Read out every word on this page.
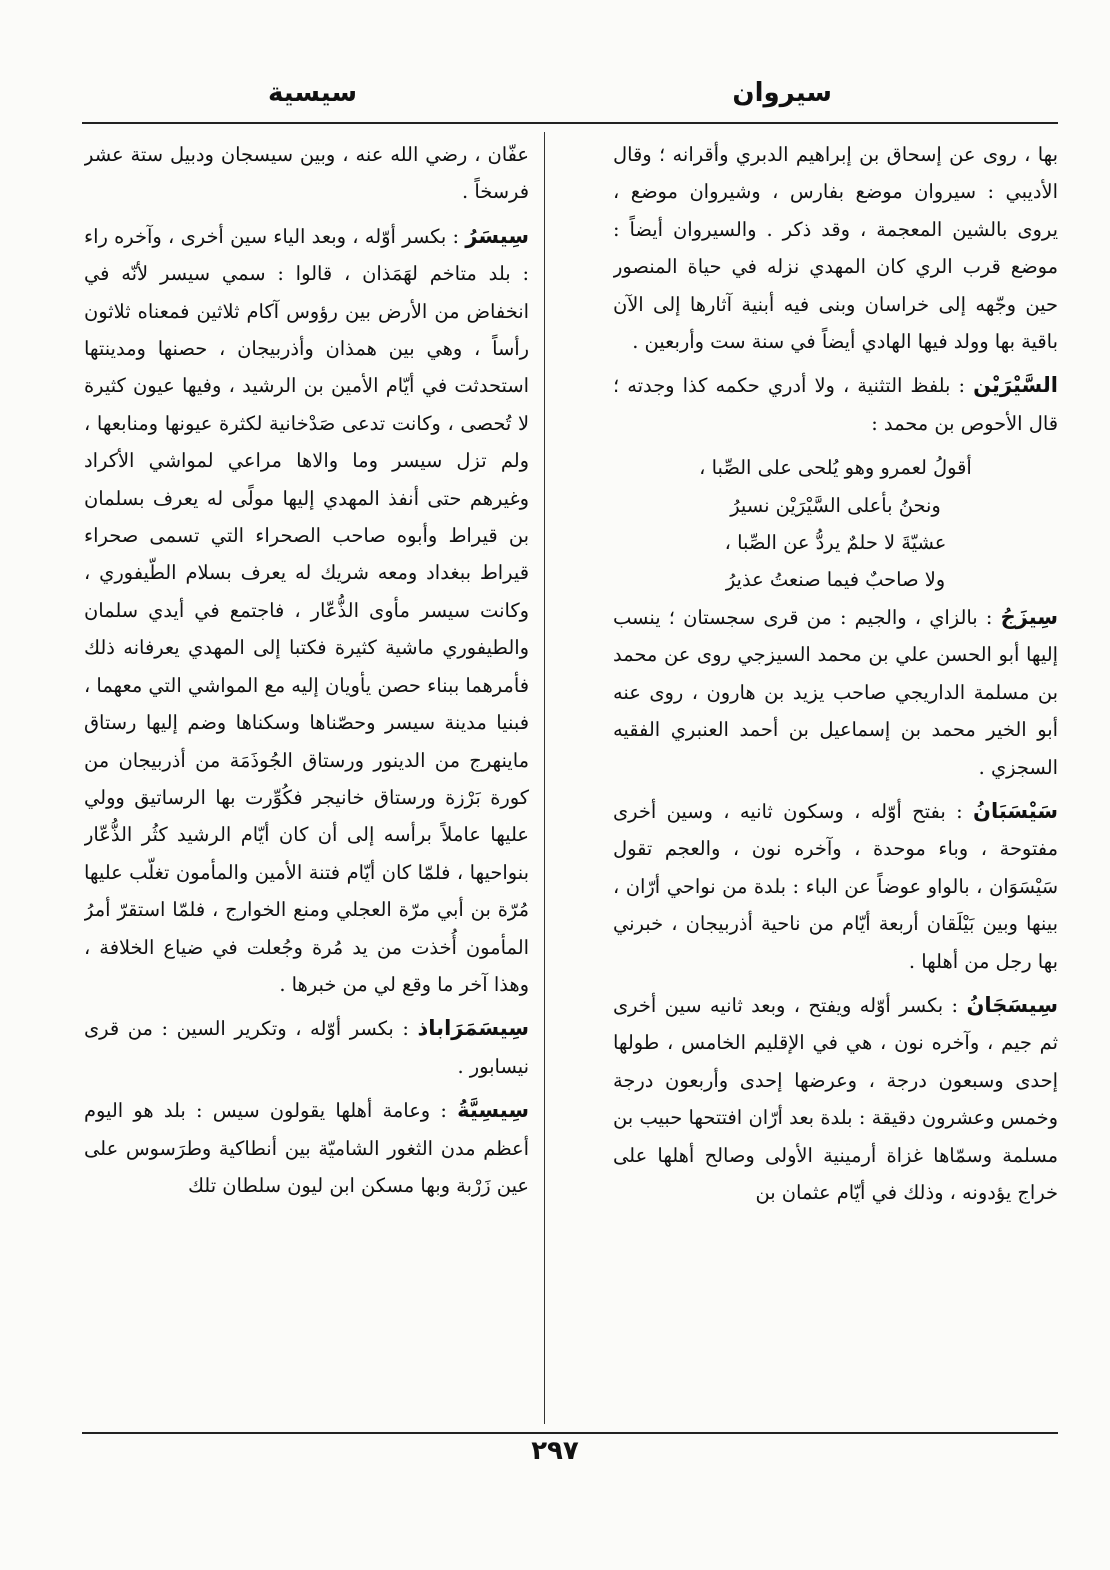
سيروان
سيسية

بها ، روى عن إسحاق بن إبراهيم الدبري وأقرانه ؛ وقال الأديبي : سيروان موضع بفارس ، وشيروان موضع ، يروى بالشين المعجمة ، وقد ذكر . والسيروان أيضاً : موضع قرب الري كان المهدي نزله في حياة المنصور حين وجّهه إلى خراسان وبنى فيه أبنية آثارها إلى الآن باقية بها وولد فيها الهادي أيضاً في سنة ست وأربعين .

السَّيْرَيْن : بلفظ التثنية ، ولا أدري حكمه كذا وجدته ؛ قال الأحوص بن محمد :

أقولُ لعمرو وهو يُلحى على الصِّبا ،
ونحنُ بأعلى السَّيْرَيْن نسيرُ
عشيّةَ لا حلمٌ يردُّ عن الصِّبا ،
ولا صاحبٌ فيما صنعتُ عذيرُ

سِيزَجُ : بالزاي ، والجيم : من قرى سجستان ؛ ينسب إليها أبو الحسن علي بن محمد السيزجي روى عن محمد بن مسلمة الداريجي صاحب يزيد بن هارون ، روى عنه أبو الخير محمد بن إسماعيل بن أحمد العنبري الفقيه السجزي .

سَيْسَبَانُ : بفتح أوّله ، وسكون ثانيه ، وسين أخرى مفتوحة ، وباء موحدة ، وآخره نون ، والعجم تقول سَيْسَوَان ، بالواو عوضاً عن الباء : بلدة من نواحي أرّان ، بينها وبين بَيْلَقان أربعة أيّام من ناحية أذربيجان ، خبرني بها رجل من أهلها .

سِيسَجَانُ : بكسر أوّله ويفتح ، وبعد ثانيه سين أخرى ثم جيم ، وآخره نون ، هي في الإقليم الخامس ، طولها إحدى وسبعون درجة ، وعرضها إحدى وأربعون درجة وخمس وعشرون دقيقة : بلدة بعد أرّان افتتحها حبيب بن مسلمة وسمّاها غزاة أرمينية الأولى وصالح أهلها على خراج يؤدونه ، وذلك في أيّام عثمان بن

عفّان ، رضي الله عنه ، وبين سيسجان ودبيل ستة عشر فرسخاً .

سِيسَرُ : بكسر أوّله ، وبعد الياء سين أخرى ، وآخره راء : بلد متاخم لهَمَذان ، قالوا : سمي سيسر لأنّه في انخفاض من الأرض بين رؤوس آكام ثلاثين فمعناه ثلاثون رأساً ، وهي بين همذان وأذربيجان ، حصنها ومدينتها استحدثت في أيّام الأمين بن الرشيد ، وفيها عيون كثيرة لا تُحصى ، وكانت تدعى صَدْخانية لكثرة عيونها ومنابعها ، ولم تزل سيسر وما والاها مراعي لمواشي الأكراد وغيرهم حتى أنفذ المهدي إليها مولًى له يعرف بسلمان بن قيراط وأبوه صاحب الصحراء التي تسمى صحراء قيراط ببغداد ومعه شريك له يعرف بسلام الطّيفوري ، وكانت سيسر مأوى الذُّعّار ، فاجتمع في أيدي سلمان والطيفوري ماشية كثيرة فكتبا إلى المهدي يعرفانه ذلك فأمرهما ببناء حصن يأويان إليه مع المواشي التي معهما ، فبنيا مدينة سيسر وحصّناها وسكناها وضم إليها رستاق ماينهرج من الدينور ورستاق الجُوذَمَة من أذربيجان من كورة بَرْزة ورستاق خانيجر فكُوِّرت بها الرساتيق وولي عليها عاملاً برأسه إلى أن كان أيّام الرشيد كثُر الذُّعّار بنواحيها ، فلمّا كان أيّام فتنة الأمين والمأمون تغلّب عليها مُرّة بن أبي مرّة العجلي ومنع الخوارج ، فلمّا استقرّ أمرُ المأمون أُخذت من يد مُرة وجُعلت في ضياع الخلافة ، وهذا آخر ما وقع لي من خبرها .

سِيسَمَرَاباذ : بكسر أوّله ، وتكرير السين : من قرى نيسابور .

سِيسِيَّةُ : وعامة أهلها يقولون سيس : بلد هو اليوم أعظم مدن الثغور الشاميّة بين أنطاكية وطرَسوس على عين زَرْبة وبها مسكن ابن ليون سلطان تلك

٢٩٧
